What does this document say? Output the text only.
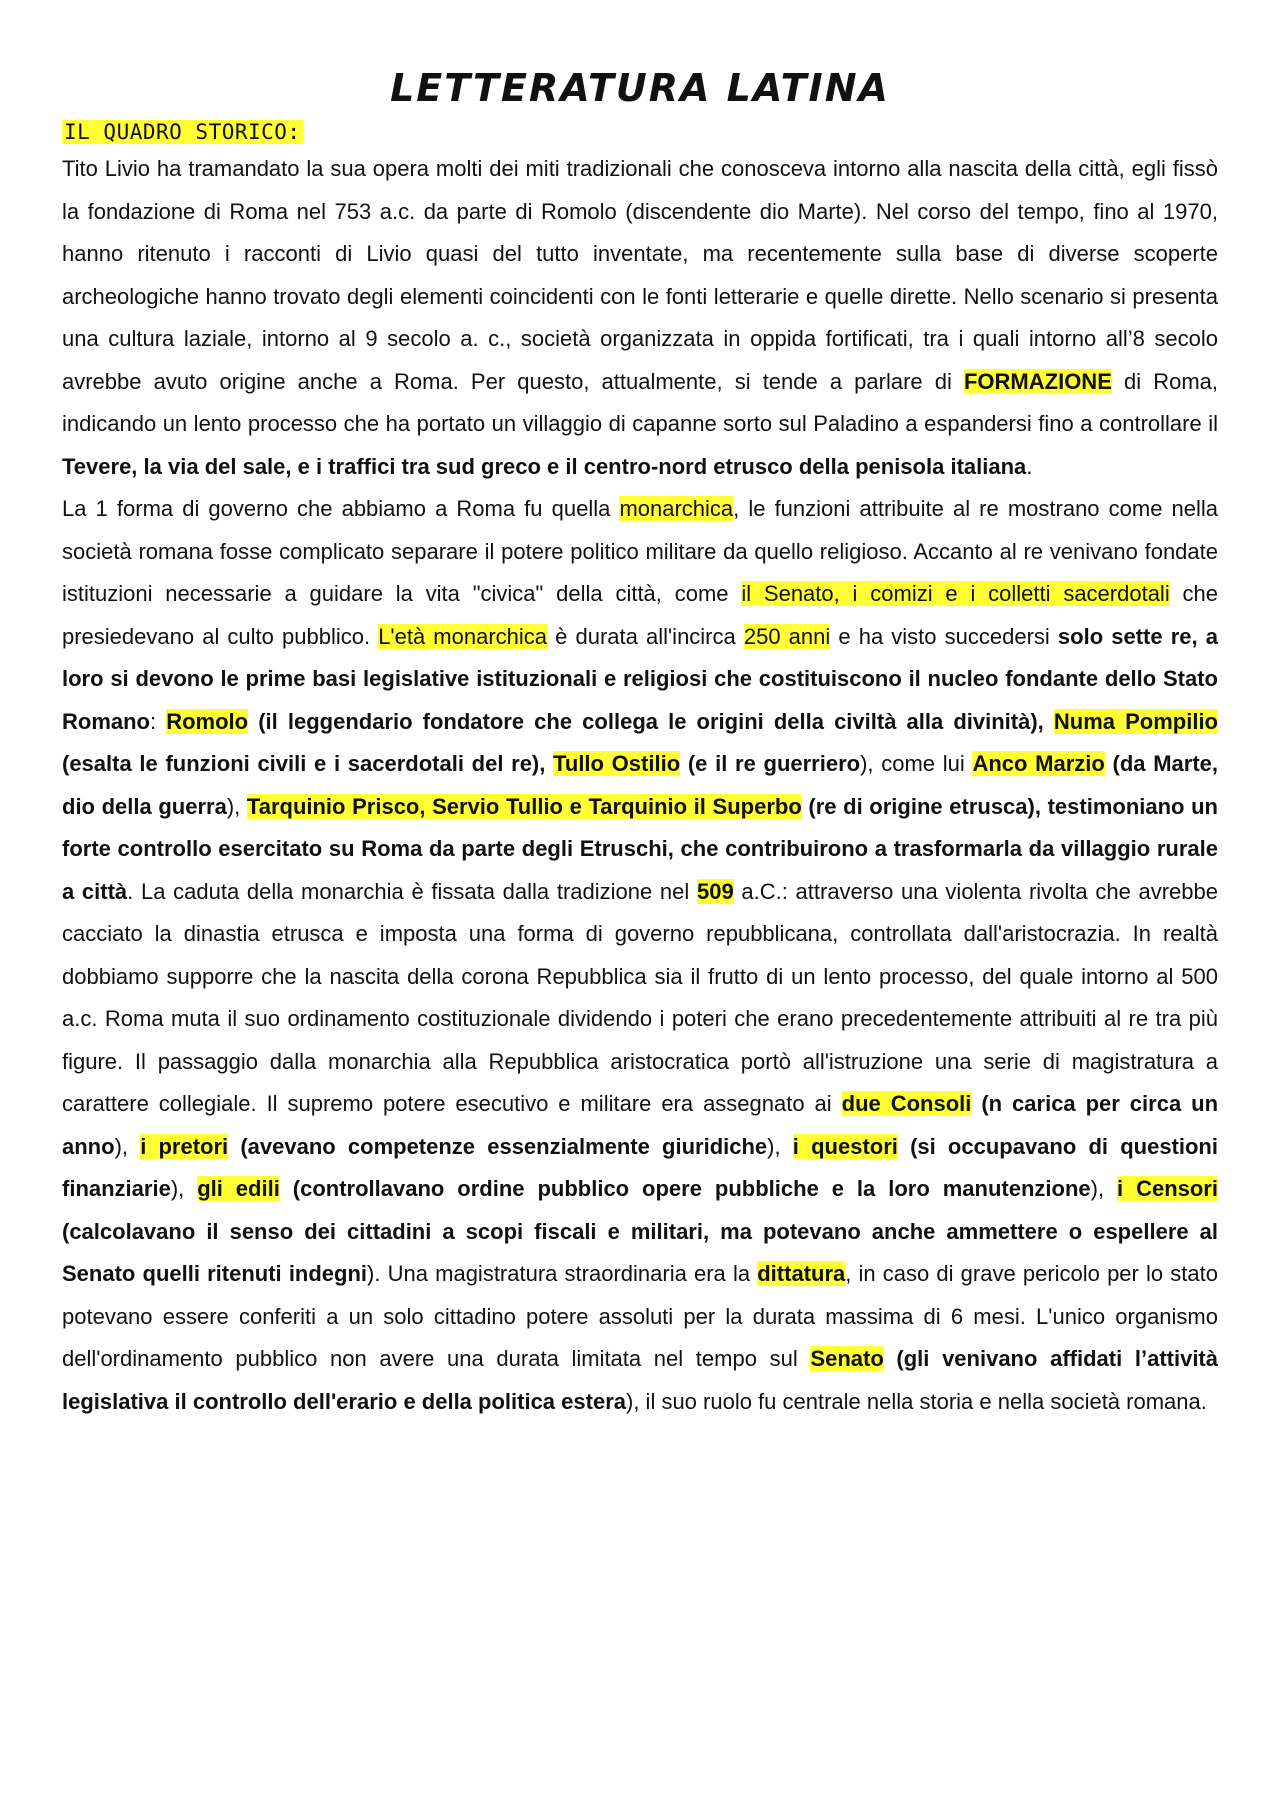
LETTERATURA LATINA
IL QUADRO STORICO:

Tito Livio ha tramandato la sua opera molti dei miti tradizionali che conosceva intorno alla nascita della città, egli fissò la fondazione di Roma nel 753 a.c. da parte di Romolo (discendente dio Marte). Nel corso del tempo, fino al 1970, hanno ritenuto i racconti di Livio quasi del tutto inventate, ma recentemente sulla base di diverse scoperte archeologiche hanno trovato degli elementi coincidenti con le fonti letterarie e quelle dirette. Nello scenario si presenta una cultura laziale, intorno al 9 secolo a. c., società organizzata in oppida fortificati, tra i quali intorno all’8 secolo avrebbe avuto origine anche a Roma. Per questo, attualmente, si tende a parlare di FORMAZIONE di Roma, indicando un lento processo che ha portato un villaggio di capanne sorto sul Paladino a espandersi fino a controllare il Tevere, la via del sale, e i traffici tra sud greco e il centro-nord etrusco della penisola italiana.

La 1 forma di governo che abbiamo a Roma fu quella monarchica, le funzioni attribuite al re mostrano come nella società romana fosse complicato separare il potere politico militare da quello religioso. Accanto al re venivano fondate istituzioni necessarie a guidare la vita "civica" della città, come il Senato, i comizi e i colletti sacerdotali che presiedevano al culto pubblico. L'età monarchica è durata all'incirca 250 anni e ha visto succedersi solo sette re, a loro si devono le prime basi legislative istituzionali e religiosi che costituiscono il nucleo fondante dello Stato Romano: Romolo (il leggendario fondatore che collega le origini della civiltà alla divinità), Numa Pompilio (esalta le funzioni civili e i sacerdotali del re), Tullo Ostilio (e il re guerriero), come lui Anco Marzio (da Marte, dio della guerra), Tarquinio Prisco, Servio Tullio e Tarquinio il Superbo (re di origine etrusca), testimoniano un forte controllo esercitato su Roma da parte degli Etruschi, che contribuirono a trasformarla da villaggio rurale a città. La caduta della monarchia è fissata dalla tradizione nel 509 a.C.: attraverso una violenta rivolta che avrebbe cacciato la dinastia etrusca e imposta una forma di governo repubblicana, controllata dall'aristocrazia. In realtà dobbiamo supporre che la nascita della corona Repubblica sia il frutto di un lento processo, del quale intorno al 500 a.c. Roma muta il suo ordinamento costituzionale dividendo i poteri che erano precedentemente attribuiti al re tra più figure. Il passaggio dalla monarchia alla Repubblica aristocratica portò all'istruzione una serie di magistratura a carattere collegiale. Il supremo potere esecutivo e militare era assegnato ai due Consoli (n carica per circa un anno), i pretori (avevano competenze essenzialmente giuridiche), i questori (si occupavano di questioni finanziarie), gli edili (controllavano ordine pubblico opere pubbliche e la loro manutenzione), i Censori (calcolavano il senso dei cittadini a scopi fiscali e militari, ma potevano anche ammettere o espellere al Senato quelli ritenuti indegni). Una magistratura straordinaria era la dittatura, in caso di grave pericolo per lo stato potevano essere conferiti a un solo cittadino potere assoluti per la durata massima di 6 mesi. L'unico organismo dell'ordinamento pubblico non avere una durata limitata nel tempo sul Senato (gli venivano affidati l’attività legislativa il controllo dell'erario e della politica estera), il suo ruolo fu centrale nella storia e nella società romana.
